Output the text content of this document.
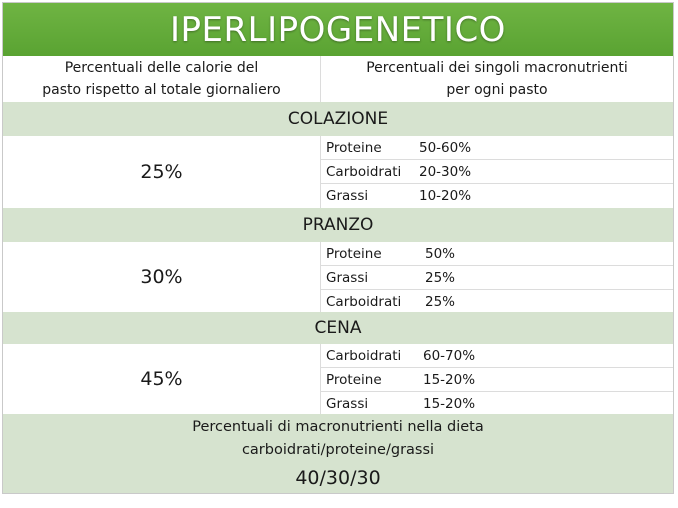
IPERLIPOGENETICO
Percentuali delle calorie del
pasto rispetto al totale giornaliero
Percentuali dei singoli macronutrienti
per ogni pasto
COLAZIONE
25%
Proteine	50-60%
Carboidrati 20-30%
Grassi	10-20%
PRANZO
30%
Proteine	50%
Grassi	25%
Carboidrati 25%
CENA
45%
Carboidrati 60-70%
Proteine	15-20%
Grassi	15-20%
Percentuali di macronutrienti nella dieta
carboidrati/proteine/grassi
40/30/30
